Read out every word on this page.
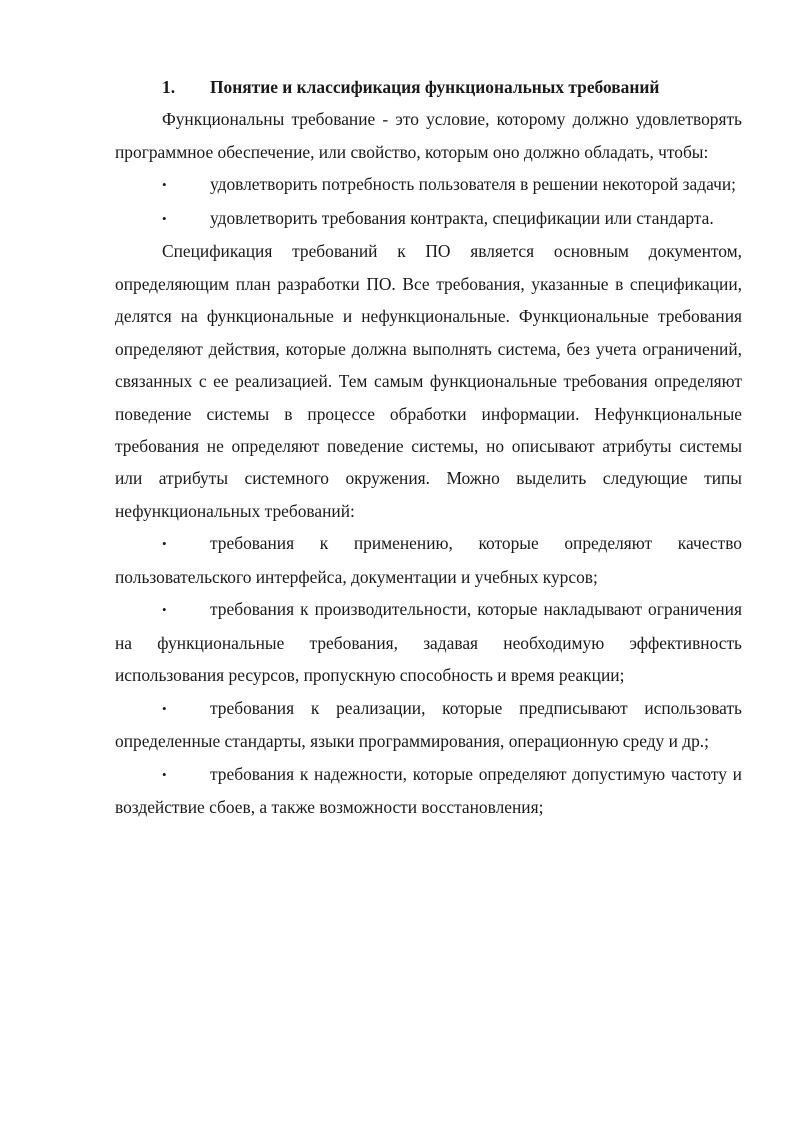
1. Понятие и классификация функциональных требований

Функциональны требование - это условие, которому должно удовлетворять программное обеспечение, или свойство, которым оно должно обладать, чтобы:

• удовлетворить потребность пользователя в решении некоторой задачи;

• удовлетворить требования контракта, спецификации или стандарта.

Спецификация требований к ПО является основным документом, определяющим план разработки ПО. Все требования, указанные в спецификации, делятся на функциональные и нефункциональные. Функциональные требования определяют действия, которые должна выполнять система, без учета ограничений, связанных с ее реализацией. Тем самым функциональные требования определяют поведение системы в процессе обработки информации. Нефункциональные требования не определяют поведение системы, но описывают атрибуты системы или атрибуты системного окружения. Можно выделить следующие типы нефункциональных требований:

• требования к применению, которые определяют качество пользовательского интерфейса, документации и учебных курсов;

• требования к производительности, которые накладывают ограничения на функциональные требования, задавая необходимую эффективность использования ресурсов, пропускную способность и время реакции;

• требования к реализации, которые предписывают использовать определенные стандарты, языки программирования, операционную среду и др.;

• требования к надежности, которые определяют допустимую частоту и воздействие сбоев, а также возможности восстановления;
